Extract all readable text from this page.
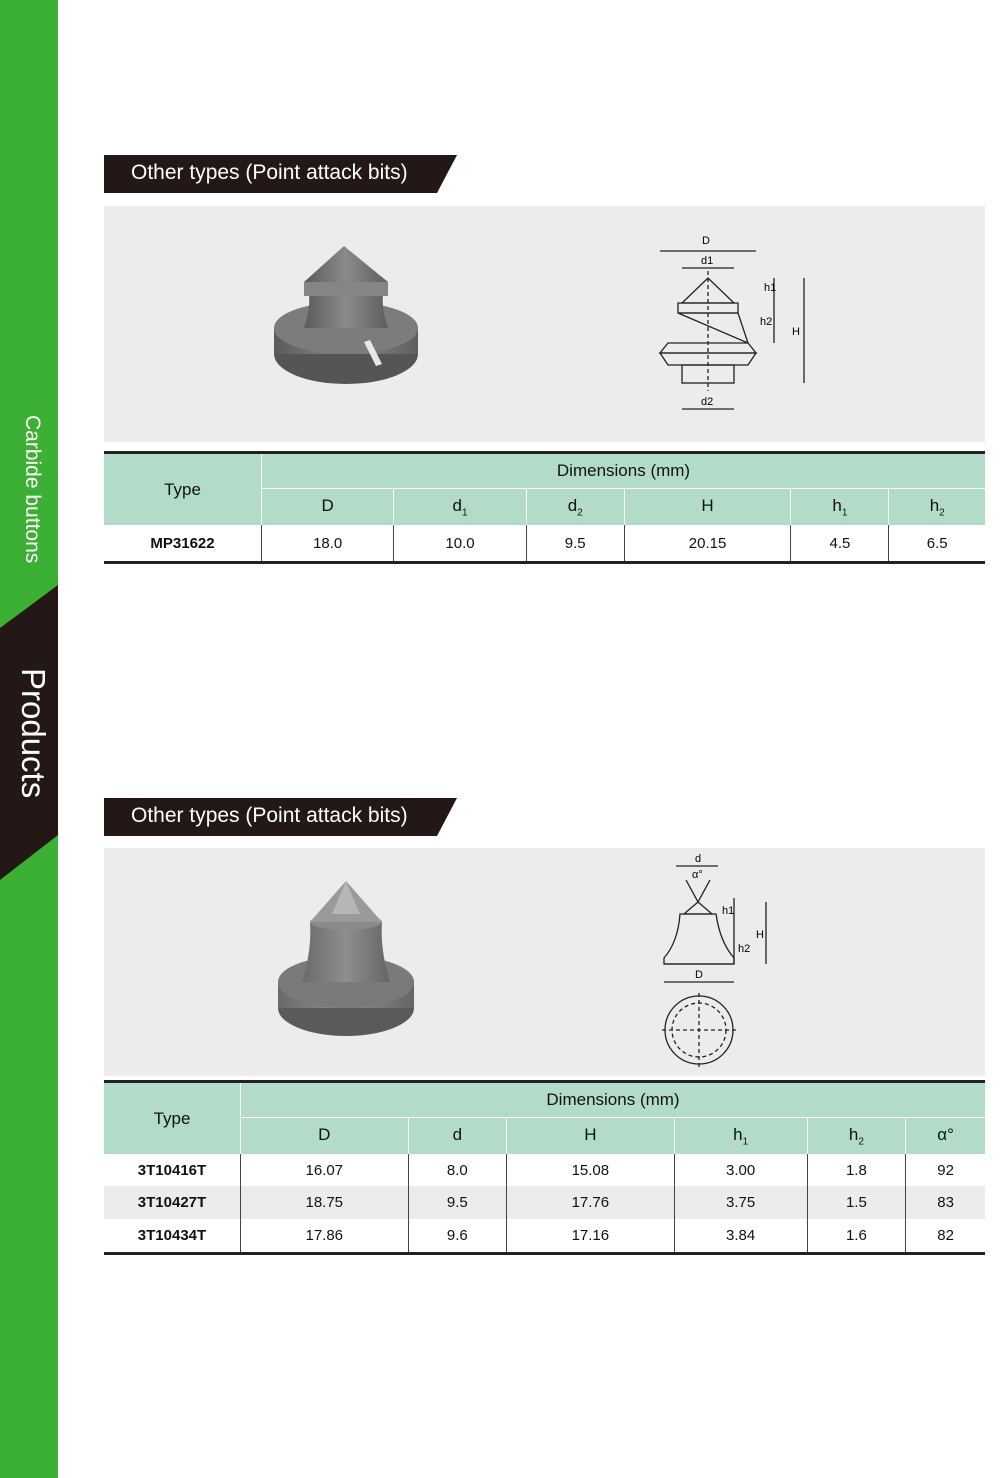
Carbide buttons
Products
Other types (Point attack bits)
D
d1
d2
h1
h2
H
Type	Dimensions (mm)					
	D	$d_1$	$d_2$	H	$h_1$	$h_2$
MP31622	18.0	10.0	9.5	20.15	4.5	6.5
Other types (Point attack bits)
d
α°
h1
h2
H
D
Type	Dimensions (mm)					
	D	d	H	$h_1$	$h_2$	α°
3T10416T	16.07	8.0	15.08	3.00	1.8	92
3T10427T	18.75	9.5	17.76	3.75	1.5	83
3T10434T	17.86	9.6	17.16	3.84	1.6	82
